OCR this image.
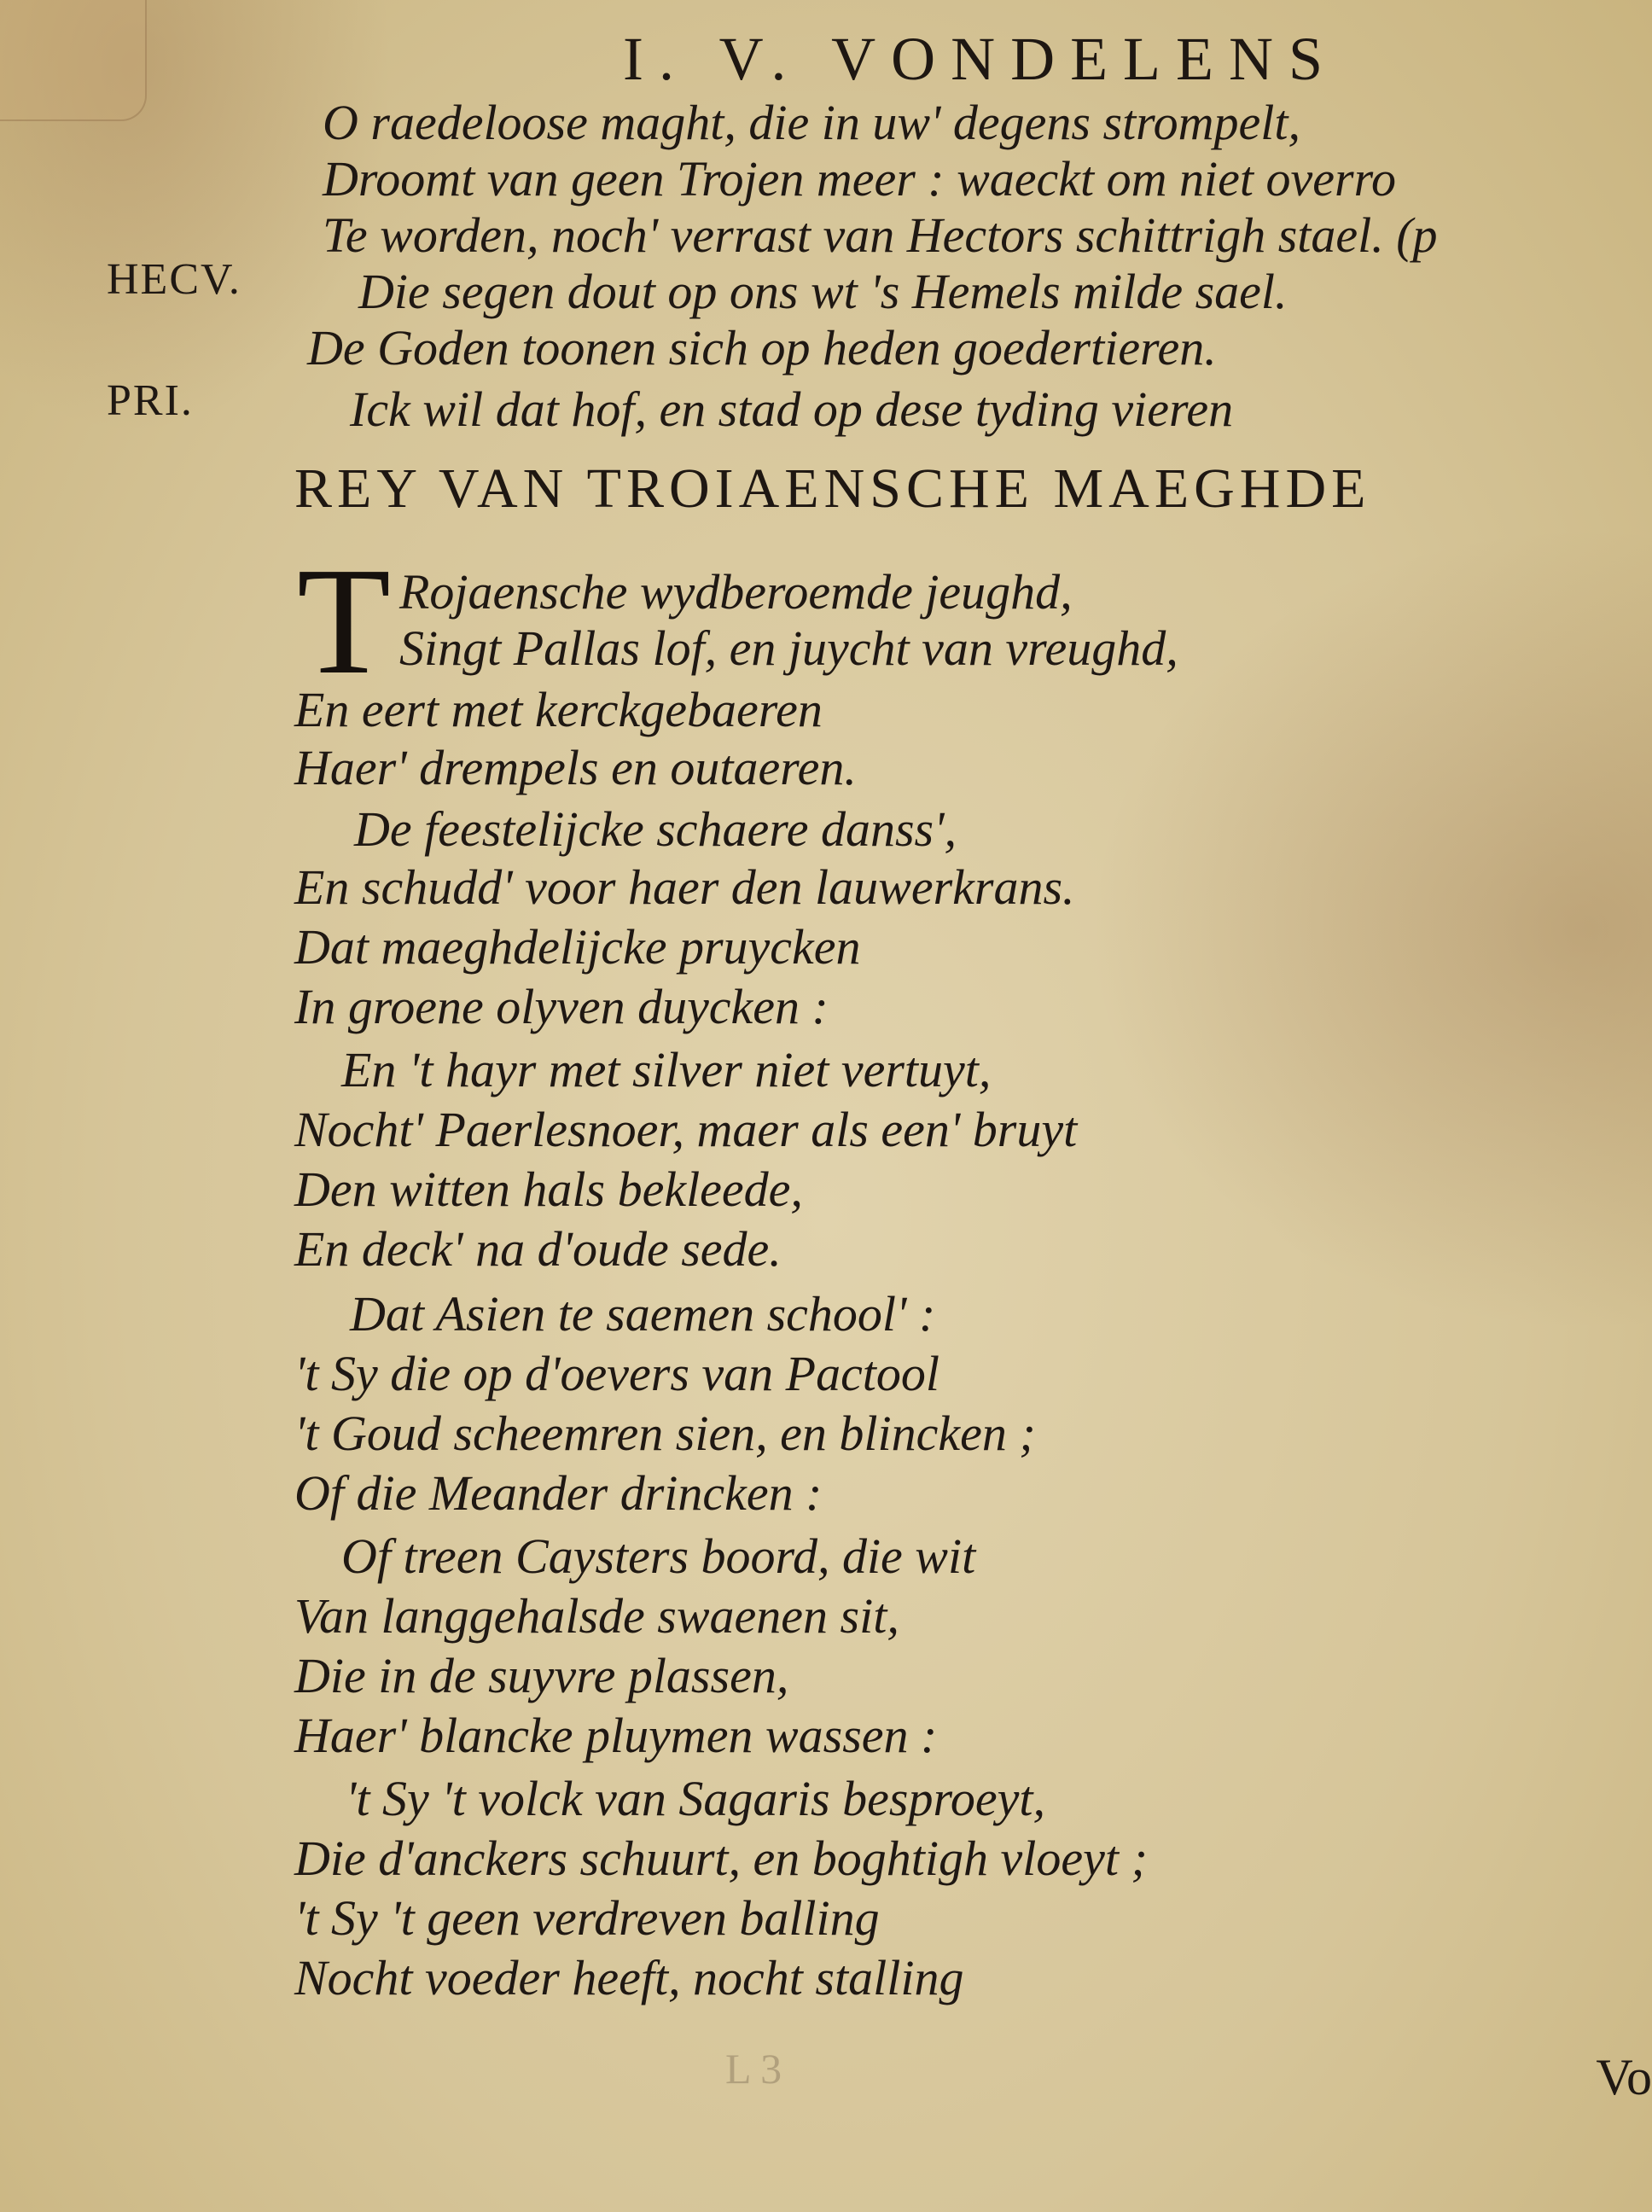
I. V. VONDELENS
O raedeloose maght, die in uw' degens strompelt,
Droomt van geen Trojen meer : waeckt om niet overro
Te worden, noch' verrast van Hectors schittrigh stael. (p
Die segen dout op ons wt 's Hemels milde sael.
De Goden toonen sich op heden goedertieren.
Ick wil dat hof, en stad op dese tyding vieren
HECV.
PRI.
REY VAN TROIAENSCHE MAEGHDE
T Rojaensche wydberoemde jeughd,
Singt Pallas lof, en juycht van vreughd,
En eert met kerckgebaeren
Haer' drempels en outaeren.
De feestelijcke schaere danss',
En schudd' voor haer den lauwerkrans.
Dat maeghdelijcke pruycken
In groene olyven duycken :
En 't hayr met silver niet vertuyt,
Nocht' Paerlesnoer, maer als een' bruyt
Den witten hals bekleede,
En deck' na d'oude sede.
Dat Asien te saemen school' :
't Sy die op d'oevers van Pactool
't Goud scheemren sien, en blincken ;
Of die Meander drincken :
Of treen Caysters boord, die wit
Van langgehalsde swaenen sit,
Die in de suyvre plassen,
Haer' blancke pluymen wassen :
't Sy 't volck van Sagaris besproeyt,
Die d'anckers schuurt, en boghtigh vloeyt ;
't Sy 't geen verdreven balling
Nocht voeder heeft, nocht stalling
L 3	Vo
